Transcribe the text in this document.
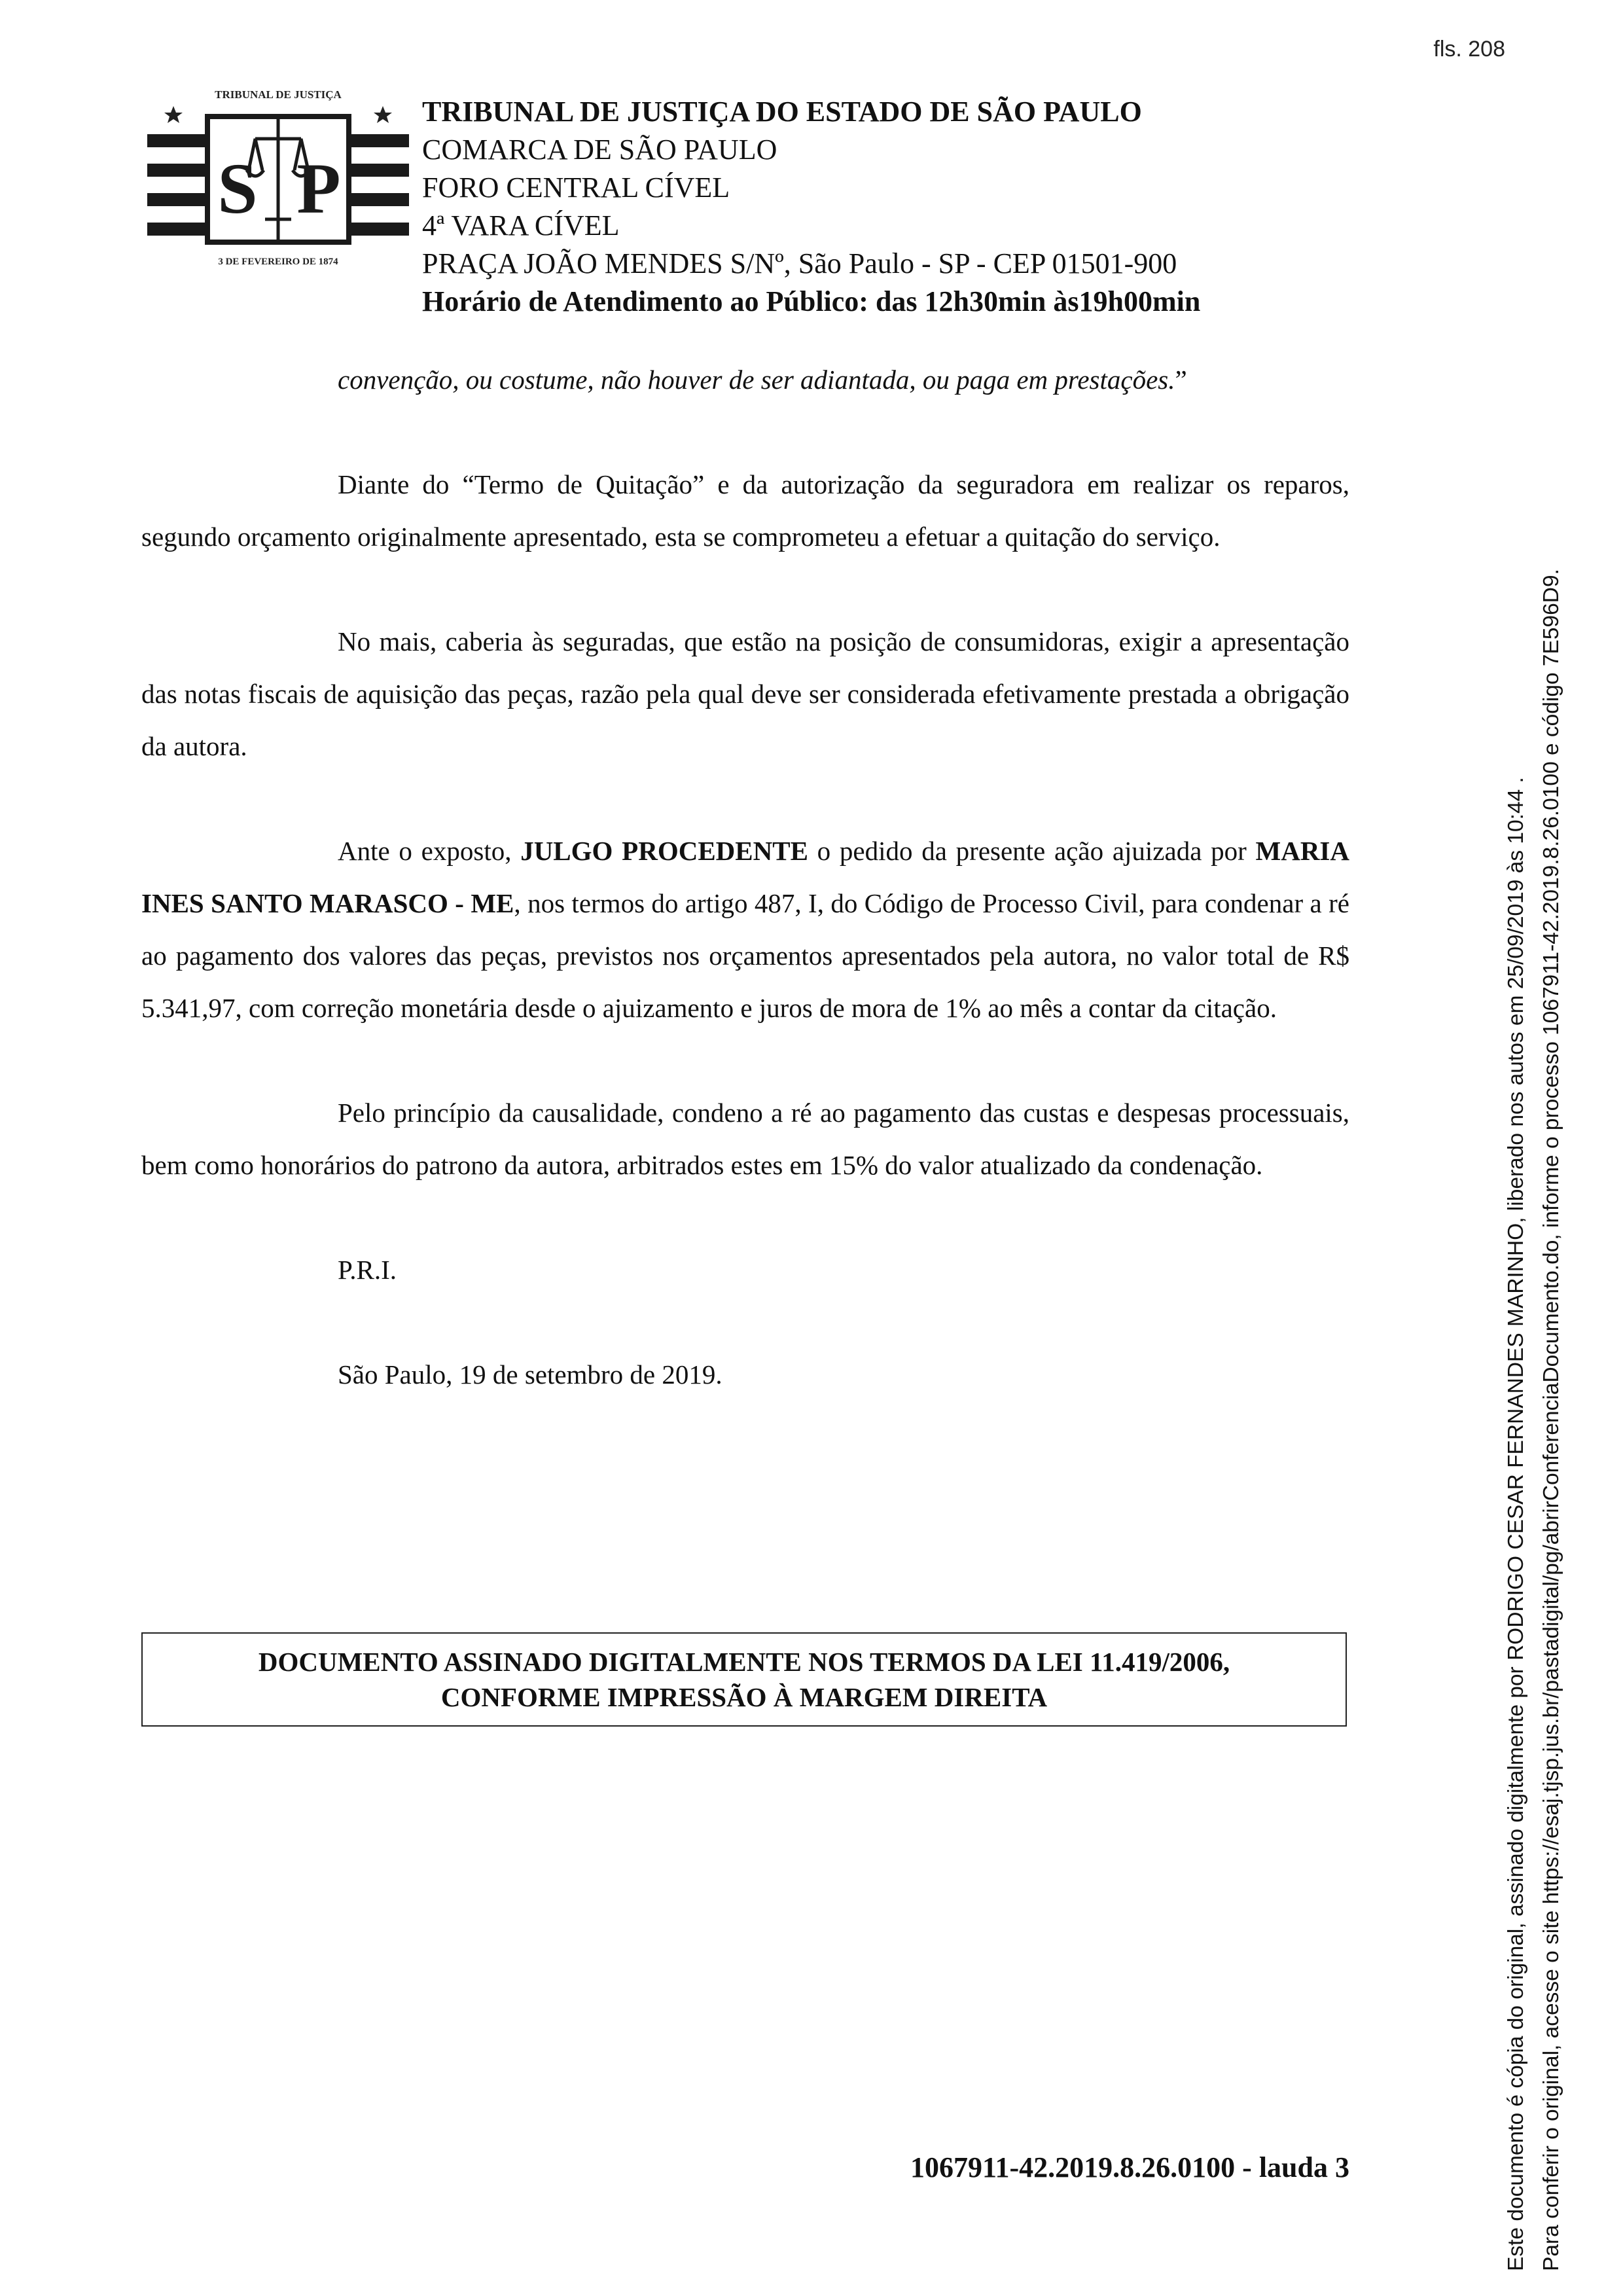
fls. 208
TRIBUNAL DE JUSTIÇA
S P
3 DE FEVEREIRO DE 1874
TRIBUNAL DE JUSTIÇA DO ESTADO DE SÃO PAULO
COMARCA DE SÃO PAULO
FORO CENTRAL CÍVEL
4ª VARA CÍVEL
PRAÇA JOÃO MENDES S/Nº, São Paulo - SP - CEP 01501-900
Horário de Atendimento ao Público: das 12h30min às19h00min

convenção, ou costume, não houver de ser adiantada, ou paga em prestações.”

Diante do “Termo de Quitação” e da autorização da seguradora em realizar os reparos, segundo orçamento originalmente apresentado, esta se comprometeu a efetuar a quitação do serviço.

No mais, caberia às seguradas, que estão na posição de consumidoras, exigir a apresentação das notas fiscais de aquisição das peças, razão pela qual deve ser considerada efetivamente prestada a obrigação da autora.

Ante o exposto, JULGO PROCEDENTE o pedido da presente ação ajuizada por MARIA INES SANTO MARASCO - ME, nos termos do artigo 487, I, do Código de Processo Civil, para condenar a ré ao pagamento dos valores das peças, previstos nos orçamentos apresentados pela autora, no valor total de R$ 5.341,97, com correção monetária desde o ajuizamento e juros de mora de 1% ao mês a contar da citação.

Pelo princípio da causalidade, condeno a ré ao pagamento das custas e despesas processuais, bem como honorários do patrono da autora, arbitrados estes em 15% do valor atualizado da condenação.

P.R.I.

São Paulo, 19 de setembro de 2019.

DOCUMENTO ASSINADO DIGITALMENTE NOS TERMOS DA LEI 11.419/2006,
CONFORME IMPRESSÃO À MARGEM DIREITA
1067911-42.2019.8.26.0100 - lauda 3	Este documento é cópia do original, assinado digitalmente por RODRIGO CESAR FERNANDES MARINHO, liberado nos autos em 25/09/2019 às 10:44 . Para conferir o original, acesse o site https://esaj.tjsp.jus.br/pastadigital/pg/abrirConferenciaDocumento.do, informe o processo 1067911-42.2019.8.26.0100 e código 7E596D9.
